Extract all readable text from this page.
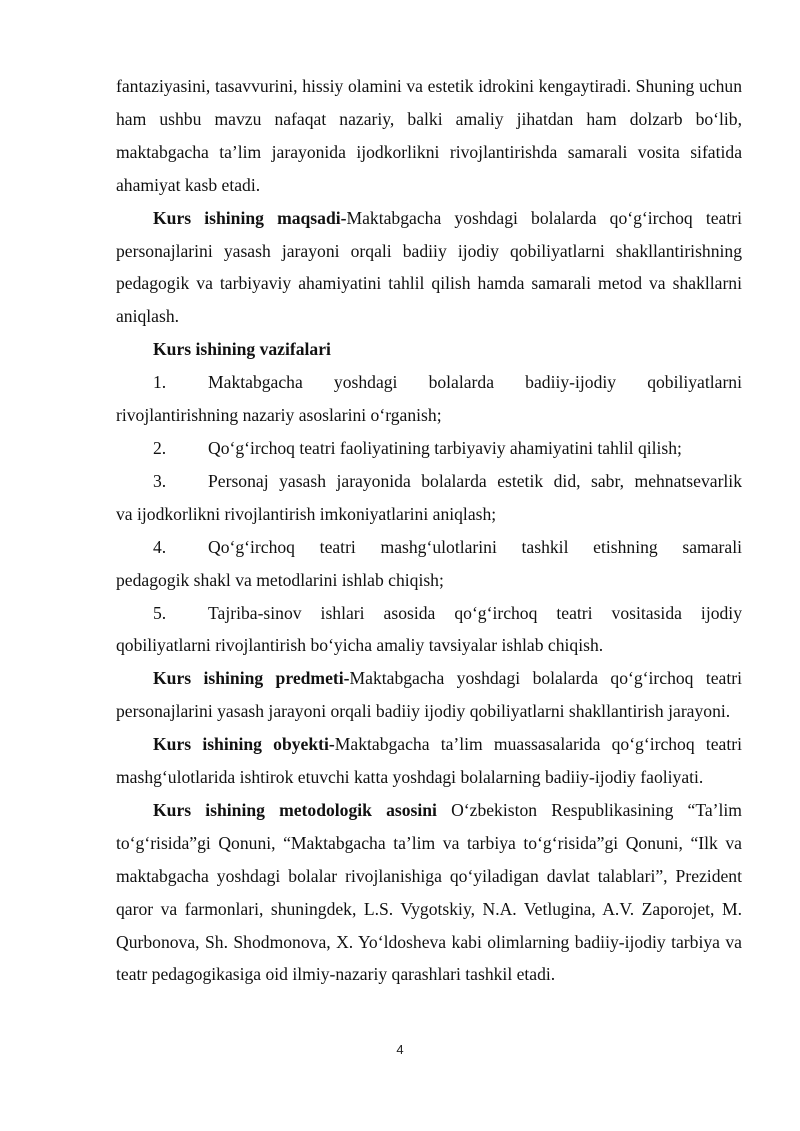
fantaziyasini, tasavvurini, hissiy olamini va estetik idrokini kengaytiradi. Shuning uchun ham ushbu mavzu nafaqat nazariy, balki amaliy jihatdan ham dolzarb bo‘lib, maktabgacha ta’lim jarayonida ijodkorlikni rivojlantirishda samarali vosita sifatida ahamiyat kasb etadi.

Kurs ishining maqsadi-Maktabgacha yoshdagi bolalarda qo‘g‘irchoq teatri personajlarini yasash jarayoni orqali badiiy ijodiy qobiliyatlarni shakllantirishning pedagogik va tarbiyaviy ahamiyatini tahlil qilish hamda samarali metod va shakllarni aniqlash.

Kurs ishining vazifalari

1.	Maktabgacha yoshdagi bolalarda badiiy-ijodiy qobiliyatlarni
rivojlantirishning nazariy asoslarini o‘rganish;
2.	Qo‘g‘irchoq teatri faoliyatining tarbiyaviy ahamiyatini tahlil qilish;
3.	Personaj yasash jarayonida bolalarda estetik did, sabr, mehnatsevarlik
va ijodkorlikni rivojlantirish imkoniyatlarini aniqlash;
4.	Qo‘g‘irchoq teatri mashg‘ulotlarini tashkil etishning samarali
pedagogik shakl va metodlarini ishlab chiqish;
5.	Tajriba-sinov ishlari asosida qo‘g‘irchoq teatri vositasida ijodiy
qobiliyatlarni rivojlantirish bo‘yicha amaliy tavsiyalar ishlab chiqish.

Kurs ishining predmeti-Maktabgacha yoshdagi bolalarda qo‘g‘irchoq teatri personajlarini yasash jarayoni orqali badiiy ijodiy qobiliyatlarni shakllantirish jarayoni.

Kurs ishining obyekti-Maktabgacha ta’lim muassasalarida qo‘g‘irchoq teatri mashg‘ulotlarida ishtirok etuvchi katta yoshdagi bolalarning badiiy-ijodiy faoliyati.

Kurs ishining metodologik asosini O‘zbekiston Respublikasining “Ta’lim to‘g‘risida”gi Qonuni, “Maktabgacha ta’lim va tarbiya to‘g‘risida”gi Qonuni, “Ilk va maktabgacha yoshdagi bolalar rivojlanishiga qo‘yiladigan davlat talablari”, Prezident qaror va farmonlari, shuningdek, L.S. Vygotskiy, N.A. Vetlugina, A.V. Zaporojet, M. Qurbonova, Sh. Shodmonova, X. Yo‘ldosheva kabi olimlarning badiiy-ijodiy tarbiya va teatr pedagogikasiga oid ilmiy-nazariy qarashlari tashkil etadi.

4
